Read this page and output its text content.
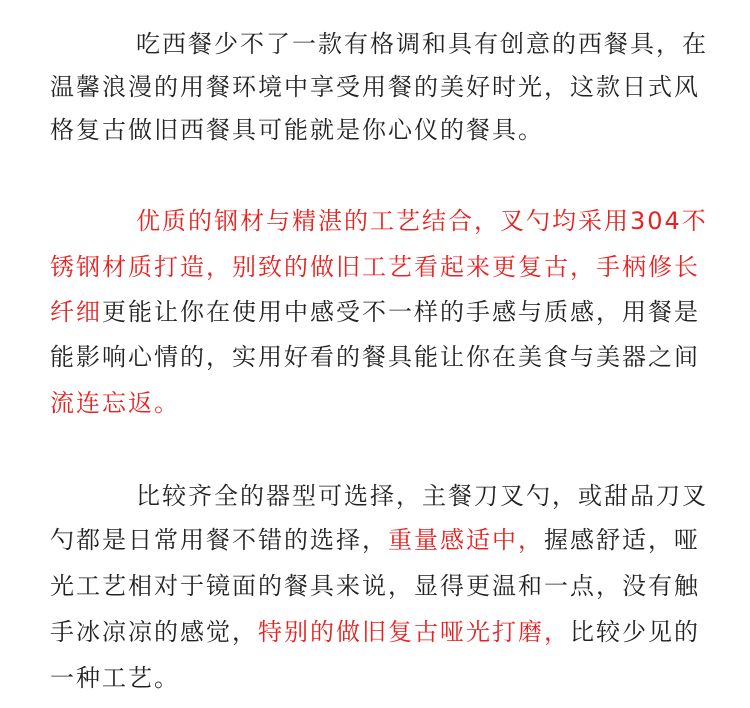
吃西餐少不了一款有格调和具有创意的西餐具，在
温馨浪漫的用餐环境中享受用餐的美好时光，这款日式风
格复古做旧西餐具可能就是你心仪的餐具。
优质的钢材与精湛的工艺结合，叉勺均采用304不
锈钢材质打造，别致的做旧工艺看起来更复古，手柄修长
纤细更能让你在使用中感受不一样的手感与质感，用餐是
能影响心情的，实用好看的餐具能让你在美食与美器之间
流连忘返。
比较齐全的器型可选择，主餐刀叉勺，或甜品刀叉
勺都是日常用餐不错的选择，重量感适中，握感舒适，哑
光工艺相对于镜面的餐具来说，显得更温和一点，没有触
手冰凉凉的感觉，特别的做旧复古哑光打磨，比较少见的
一种工艺。
